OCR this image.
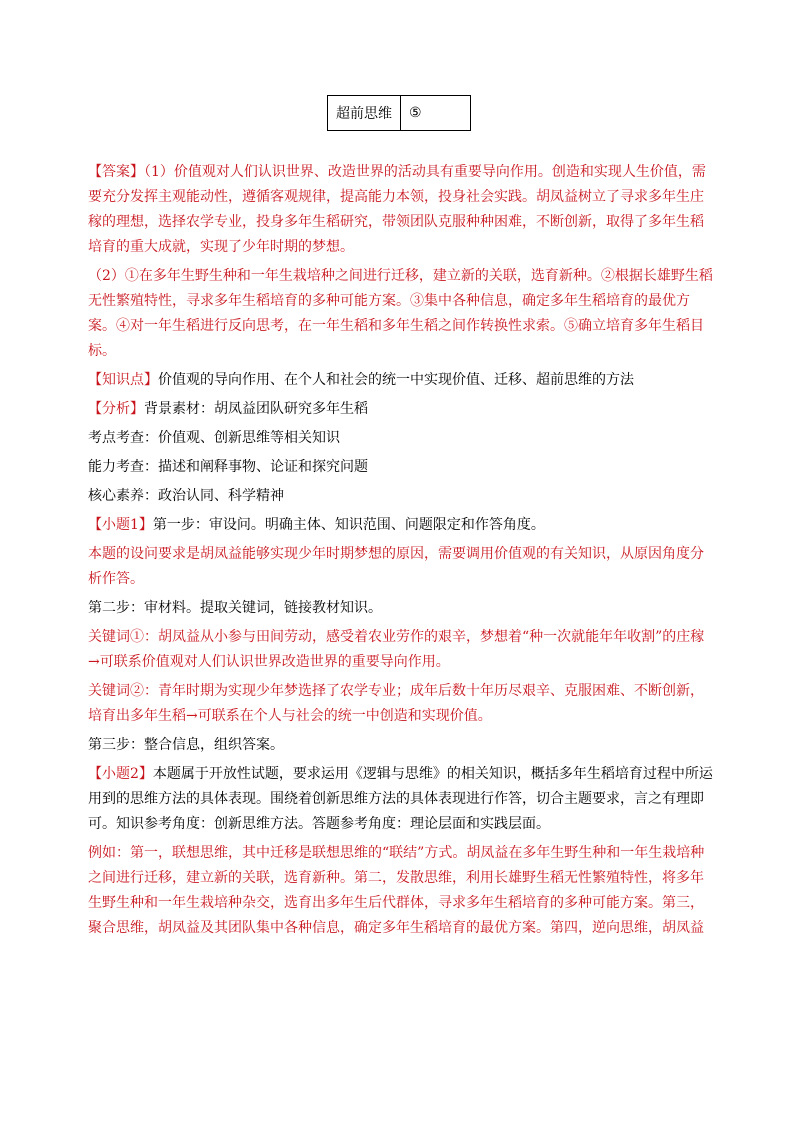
超前思维	⑤

【答案】（1）价值观对人们认识世界、改造世界的活动具有重要导向作用。创造和实现人生价值，需要充分发挥主观能动性，遵循客观规律，提高能力本领，投身社会实践。胡凤益树立了寻求多年生庄稼的理想，选择农学专业，投身多年生稻研究，带领团队克服种种困难，不断创新，取得了多年生稻培育的重大成就，实现了少年时期的梦想。

（2）①在多年生野生种和一年生栽培种之间进行迁移，建立新的关联，选育新种。②根据长雄野生稻无性繁殖特性，寻求多年生稻培育的多种可能方案。③集中各种信息，确定多年生稻培育的最优方案。④对一年生稻进行反向思考，在一年生稻和多年生稻之间作转换性求索。⑤确立培育多年生稻目标。

【知识点】价值观的导向作用、在个人和社会的统一中实现价值、迁移、超前思维的方法

【分析】背景素材：胡凤益团队研究多年生稻

考点考查：价值观、创新思维等相关知识

能力考查：描述和阐释事物、论证和探究问题

核心素养：政治认同、科学精神

【小题1】第一步：审设问。明确主体、知识范围、问题限定和作答角度。

本题的设问要求是胡凤益能够实现少年时期梦想的原因，需要调用价值观的有关知识，从原因角度分析作答。

第二步：审材料。提取关键词，链接教材知识。

关键词①：胡凤益从小参与田间劳动，感受着农业劳作的艰辛，梦想着“种一次就能年年收割”的庄稼→可联系价值观对人们认识世界改造世界的重要导向作用。

关键词②：青年时期为实现少年梦选择了农学专业；成年后数十年历尽艰辛、克服困难、不断创新，培育出多年生稻→可联系在个人与社会的统一中创造和实现价值。

第三步：整合信息，组织答案。

【小题2】本题属于开放性试题，要求运用《逻辑与思维》的相关知识，概括多年生稻培育过程中所运用到的思维方法的具体表现。围绕着创新思维方法的具体表现进行作答，切合主题要求，言之有理即可。知识参考角度：创新思维方法。答题参考角度：理论层面和实践层面。

例如：第一，联想思维，其中迁移是联想思维的“联结”方式。胡凤益在多年生野生种和一年生栽培种之间进行迁移，建立新的关联，选育新种。第二，发散思维，利用长雄野生稻无性繁殖特性，将多年生野生种和一年生栽培种杂交，选育出多年生后代群体，寻求多年生稻培育的多种可能方案。第三，聚合思维，胡凤益及其团队集中各种信息，确定多年生稻培育的最优方案。第四，逆向思维，胡凤益
